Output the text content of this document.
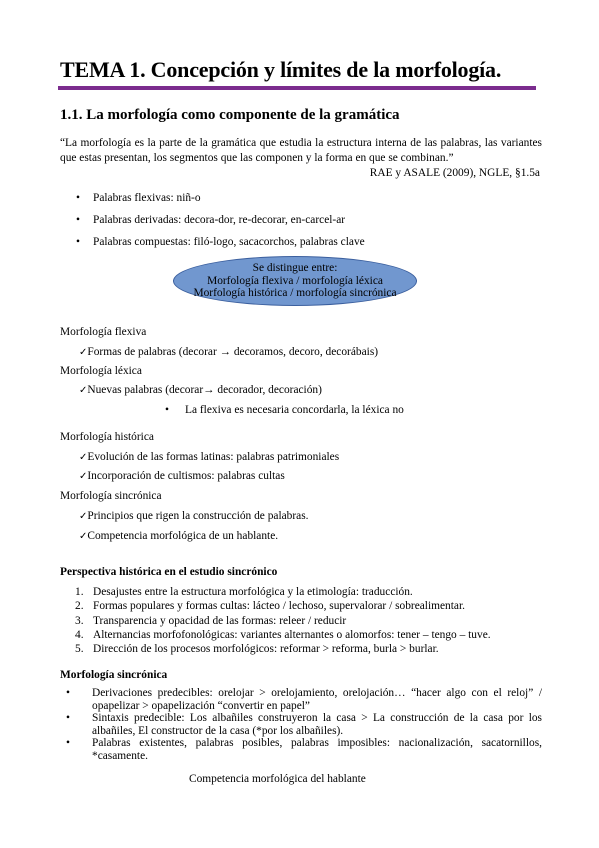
TEMA 1. Concepción y límites de la morfología.
1.1. La morfología como componente de la gramática
“La morfología es la parte de la gramática que estudia la estructura interna de las palabras, las variantes que estas presentan, los segmentos que las componen y la forma en que se combinan.”
RAE y ASALE (2009), NGLE, §1.5a
• Palabras flexivas: niñ-o
• Palabras derivadas: decora-dor, re-decorar, en-carcel-ar
• Palabras compuestas: filó-logo, sacacorchos, palabras clave
Se distingue entre:
Morfología flexiva / morfología léxica
Morfología histórica / morfología sincrónica
Morfología flexiva
✓Formas de palabras (decorar → decoramos, decoro, decorábais)
Morfología léxica
✓Nuevas palabras (decorar→ decorador, decoración)
• La flexiva es necesaria concordarla, la léxica no
Morfología histórica
✓Evolución de las formas latinas: palabras patrimoniales
✓Incorporación de cultismos: palabras cultas
Morfología sincrónica
✓Principios que rigen la construcción de palabras.
✓Competencia morfológica de un hablante.
Perspectiva histórica en el estudio sincrónico
1. Desajustes entre la estructura morfológica y la etimología: traducción.
2. Formas populares y formas cultas: lácteo / lechoso, supervalorar / sobrealimentar.
3. Transparencia y opacidad de las formas: releer / reducir
4. Alternancias morfofonológicas: variantes alternantes o alomorfos: tener – tengo – tuve.
5. Dirección de los procesos morfológicos: reformar > reforma, burla > burlar.
Morfología sincrónica
• Derivaciones predecibles: orelojar > orelojamiento, orelojación… “hacer algo con el reloj” / opapelizar > opapelización “convertir en papel”
• Sintaxis predecible: Los albañiles construyeron la casa > La construcción de la casa por los albañiles, El constructor de la casa (*por los albañiles).
• Palabras existentes, palabras posibles, palabras imposibles: nacionalización, sacatornillos, *casamente.
Competencia morfológica del hablante
